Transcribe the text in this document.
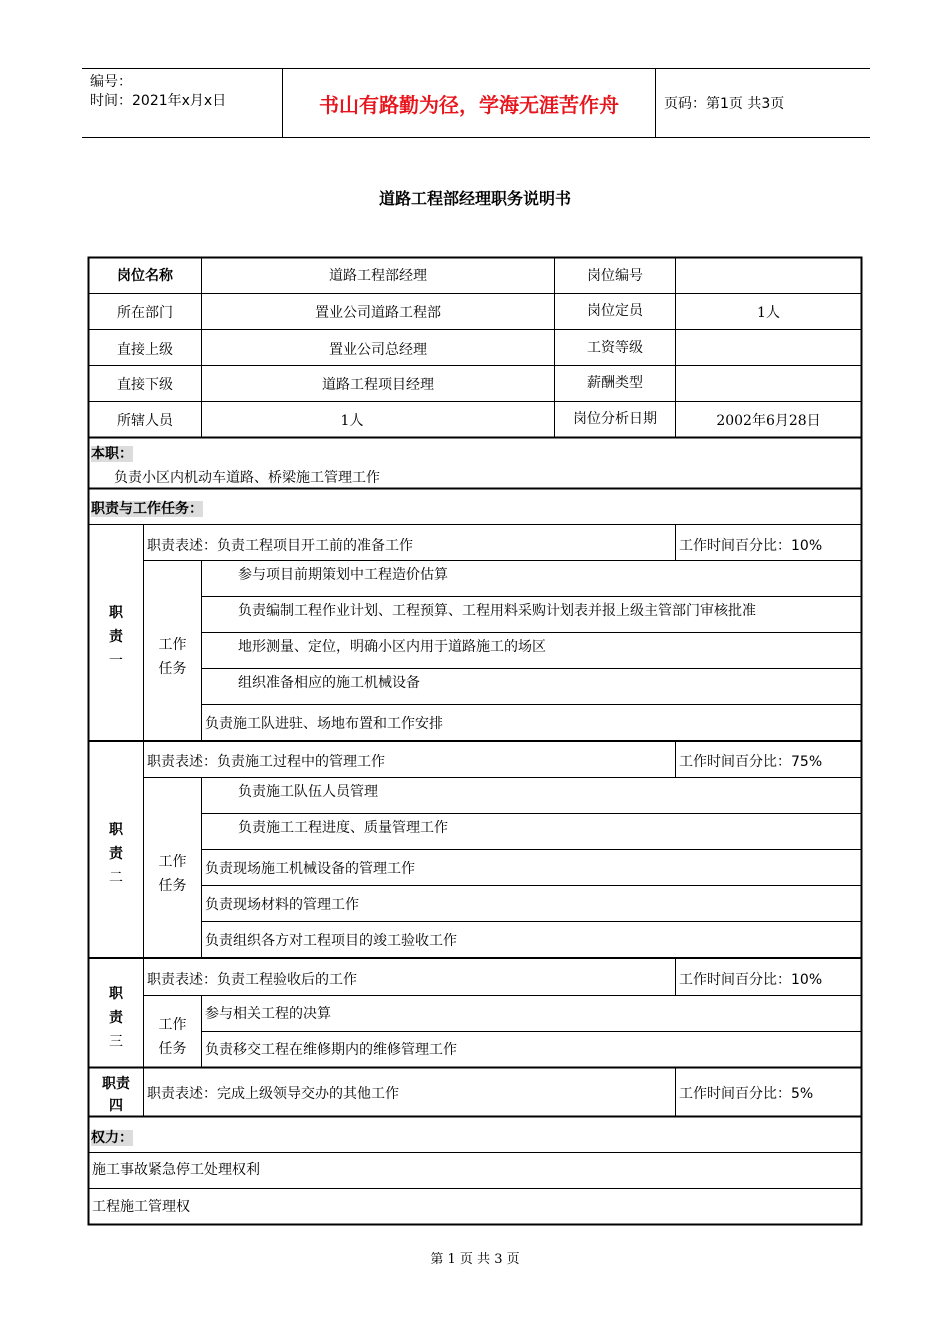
编号：
时间：2021年x月x日	书山有路勤为径，学海无涯苦作舟	页码：第1页 共3页
道路工程部经理职务说明书
岗位名称	道路工程部经理	岗位编号
所在部门	置业公司道路工程部	岗位定员	1人
直接上级	置业公司总经理	工资等级
直接下级	道路工程项目经理	薪酬类型
所辖人员	1人	岗位分析日期	2002年6月28日
本职：
负责小区内机动车道路、桥梁施工管理工作
职责与工作任务：
职
责
一
职责表述：负责工程项目开工前的准备工作	工作时间百分比：10%
工作
任务
参与项目前期策划中工程造价估算
负责编制工程作业计划、工程预算、工程用料采购计划表并报上级主管部门审核批准
地形测量、定位，明确小区内用于道路施工的场区
组织准备相应的施工机械设备
负责施工队进驻、场地布置和工作安排
职
责
二
职责表述：负责施工过程中的管理工作	工作时间百分比：75%
工作
任务
负责施工队伍人员管理
负责施工工程进度、质量管理工作
负责现场施工机械设备的管理工作
负责现场材料的管理工作
负责组织各方对工程项目的竣工验收工作
职
责
三
职责表述：负责工程验收后的工作	工作时间百分比：10%
工作
任务
参与相关工程的决算
负责移交工程在维修期内的维修管理工作
职责
四
职责表述：完成上级领导交办的其他工作	工作时间百分比：5%
权力：
施工事故紧急停工处理权利
工程施工管理权
第 1 页 共 3 页
